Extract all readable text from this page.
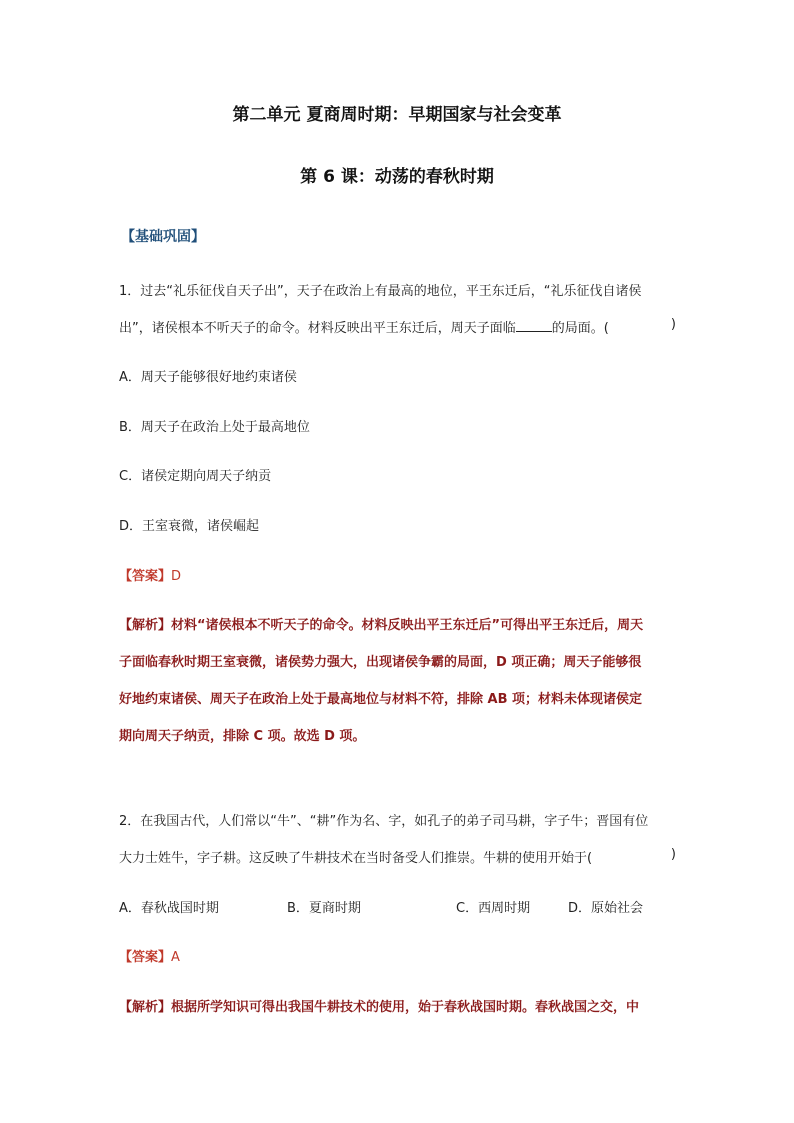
第二单元 夏商周时期：早期国家与社会变革
第 6 课：动荡的春秋时期
【基础巩固】
1．过去“礼乐征伐自天子出”，天子在政治上有最高的地位，平王东迁后，“礼乐征伐自诸侯
出”，诸侯根本不听天子的命令。材料反映出平王东迁后，周天子面临	的局面。(	)
A．周天子能够很好地约束诸侯
B．周天子在政治上处于最高地位
C．诸侯定期向周天子纳贡
D．王室衰微，诸侯崛起
【答案】D
【解析】材料“诸侯根本不听天子的命令。材料反映出平王东迁后”可得出平王东迁后，周天
子面临春秋时期王室衰微，诸侯势力强大，出现诸侯争霸的局面，D 项正确；周天子能够很
好地约束诸侯、周天子在政治上处于最高地位与材料不符，排除 AB 项；材料未体现诸侯定
期向周天子纳贡，排除 C 项。故选 D 项。
2．在我国古代，人们常以“牛”、“耕”作为名、字，如孔子的弟子司马耕，字子牛；晋国有位
大力士姓牛，字子耕。这反映了牛耕技术在当时备受人们推崇。牛耕的使用开始于(	)
A．春秋战国时期	B．夏商时期	C．西周时期	D．原始社会
【答案】A
【解析】根据所学知识可得出我国牛耕技术的使用，始于春秋战国时期。春秋战国之交，中
